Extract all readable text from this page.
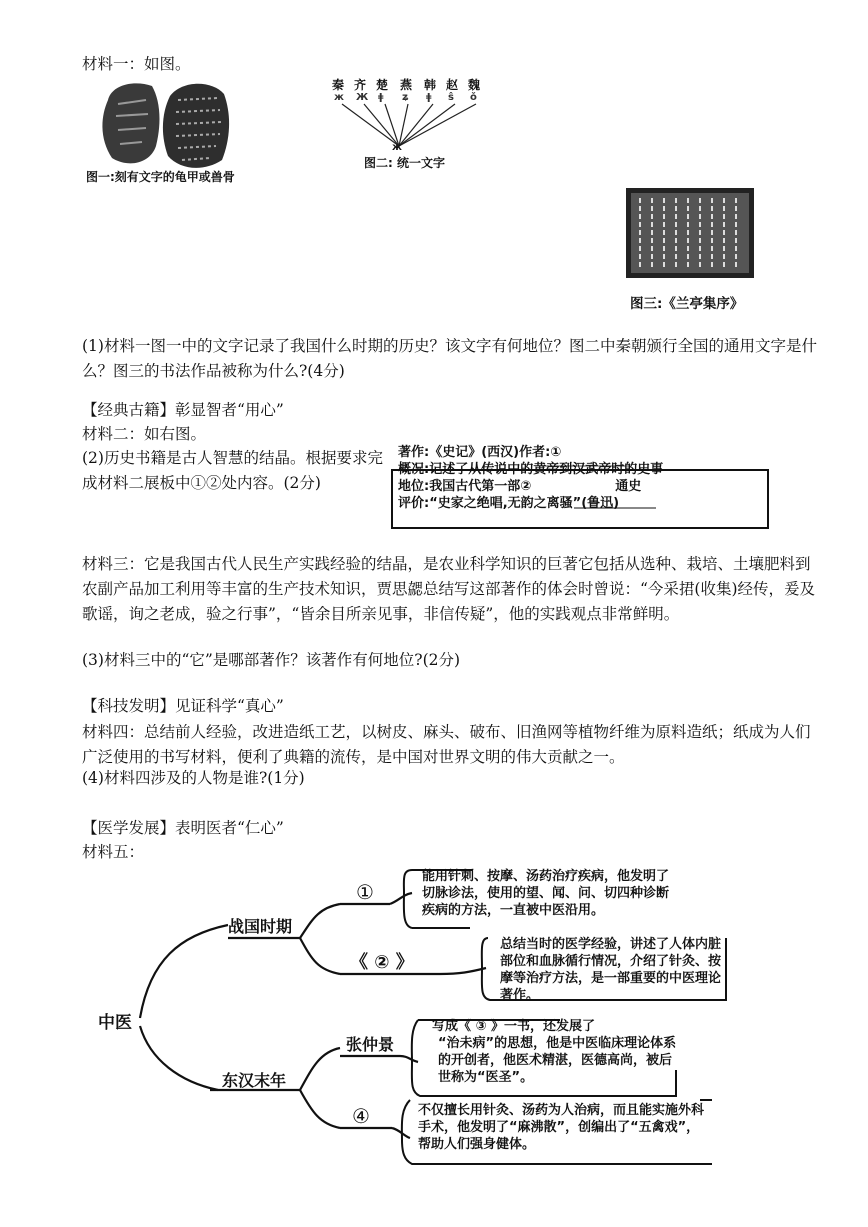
材料一：如图。
图一:刻有文字的龟甲或兽骨
秦 齐 楚 燕 韩 赵 魏
ж Ж ǂ ʑ ǂ ŝ ǒ
ж
图二: 统一文字
图三:《兰亭集序》
(1)材料一图一中的文字记录了我国什么时期的历史？该文字有何地位？图二中秦朝颁行全国的通用文字是什么？图三的书法作品被称为什么?(4分)
【经典古籍】彰显智者“用心”
材料二：如右图。
(2)历史书籍是古人智慧的结晶。根据要求完成材料二展板中①②处内容。(2分)
著作:《史记》(西汉)作者:①
概况:记述了从传说中的黄帝到汉武帝时的史事
地位:我国古代第一部②	通史
评价:“史家之绝唱,无韵之离骚”(鲁迅)
材料三：它是我国古代人民生产实践经验的结晶，是农业科学知识的巨著它包括从选种、栽培、土壤肥料到农副产品加工利用等丰富的生产技术知识，贾思勰总结写这部著作的体会时曾说：“今采捃(收集)经传，爰及歌谣，询之老成，验之行事”，“皆余目所亲见事，非信传疑”，他的实践观点非常鲜明。
(3)材料三中的“它”是哪部著作？该著作有何地位?(2分)
【科技发明】见证科学“真心”
材料四：总结前人经验，改进造纸工艺，以树皮、麻头、破布、旧渔网等植物纤维为原料造纸；纸成为人们广泛使用的书写材料，便利了典籍的流传，是中国对世界文明的伟大贡献之一。
(4)材料四涉及的人物是谁?(1分)
【医学发展】表明医者“仁心”
材料五：
中医
战国时期
东汉末年
①
《 ② 》
张仲景
④
能用针刺、按摩、汤药治疗疾病，他发明了切脉诊法，使用的望、闻、问、切四种诊断疾病的方法，一直被中医沿用。
总结当时的医学经验，讲述了人体内脏部位和血脉循行情况，介绍了针灸、按摩等治疗方法，是一部重要的中医理论著作。
写成《 ③ 》一书，还发展了
“治未病”的思想，他是中医临床理论体系的开创者，他医术精湛，医德高尚，被后世称为“医圣”。
不仅擅长用针灸、汤药为人治病，而且能实施外科手术，他发明了“麻沸散”，创编出了“五禽戏”，帮助人们强身健体。
